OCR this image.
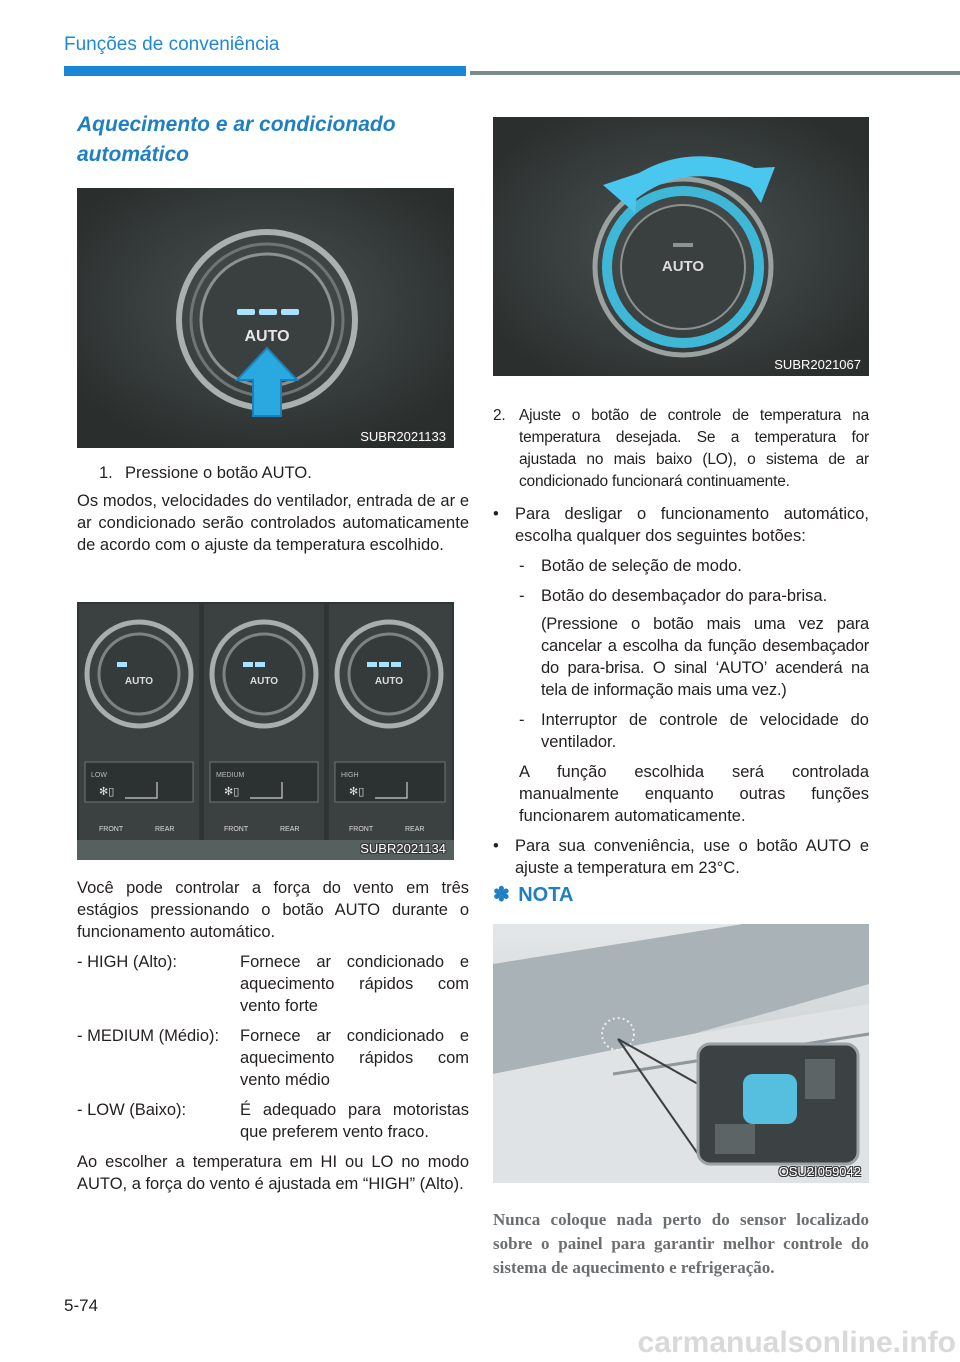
Funções de conveniência
Aquecimento e ar condicionado automático
AUTO
SUBR2021133
1. Pressione o botão AUTO.

Os modos, velocidades do ventilador, entrada de ar e ar condicionado serão controlados automaticamente de acordo com o ajuste da temperatura escolhido.

AUTO	AUTO	AUTO
LOW	MEDIUM	HIGH
✻▯	✻▯	✻▯
FRONT	REAR	FRONT	REAR	FRONT	REAR
SUBR2021134

Você pode controlar a força do vento em três estágios pressionando o botão AUTO durante o funcionamento automático.

- HIGH (Alto):	Fornece ar condicionado e aquecimento rápidos com vento forte
- MEDIUM (Médio):	Fornece ar condicionado e aquecimento rápidos com vento médio
- LOW (Baixo):	É adequado para motoristas que preferem vento fraco.

Ao escolher a temperatura em HI ou LO no modo AUTO, a força do vento é ajustada em “HIGH” (Alto).

AUTO
SUBR2021067
2. Ajuste o botão de controle de temperatura na temperatura desejada. Se a temperatura for ajustada no mais baixo (LO), o sistema de ar condicionado funcionará continuamente.
• Para desligar o funcionamento automático, escolha qualquer dos seguintes botões:
-	Botão de seleção de modo.
-	Botão do desembaçador do para-brisa.

(Pressione o botão mais uma vez para cancelar a escolha da função desembaçador do para-brisa. O sinal ‘AUTO’ acenderá na tela de informação mais uma vez.)

-	Interruptor de controle de velocidade do ventilador.

A função escolhida será controlada manualmente enquanto outras funções funcionarem automaticamente.

• Para sua conveniência, use o botão AUTO e ajuste a temperatura em 23°C.
✽ NOTA
OSU2I059042
Nunca coloque nada perto do sensor localizado sobre o painel para garantir melhor controle do sistema de aquecimento e refrigeração.
5-74
carmanualsonline.info
